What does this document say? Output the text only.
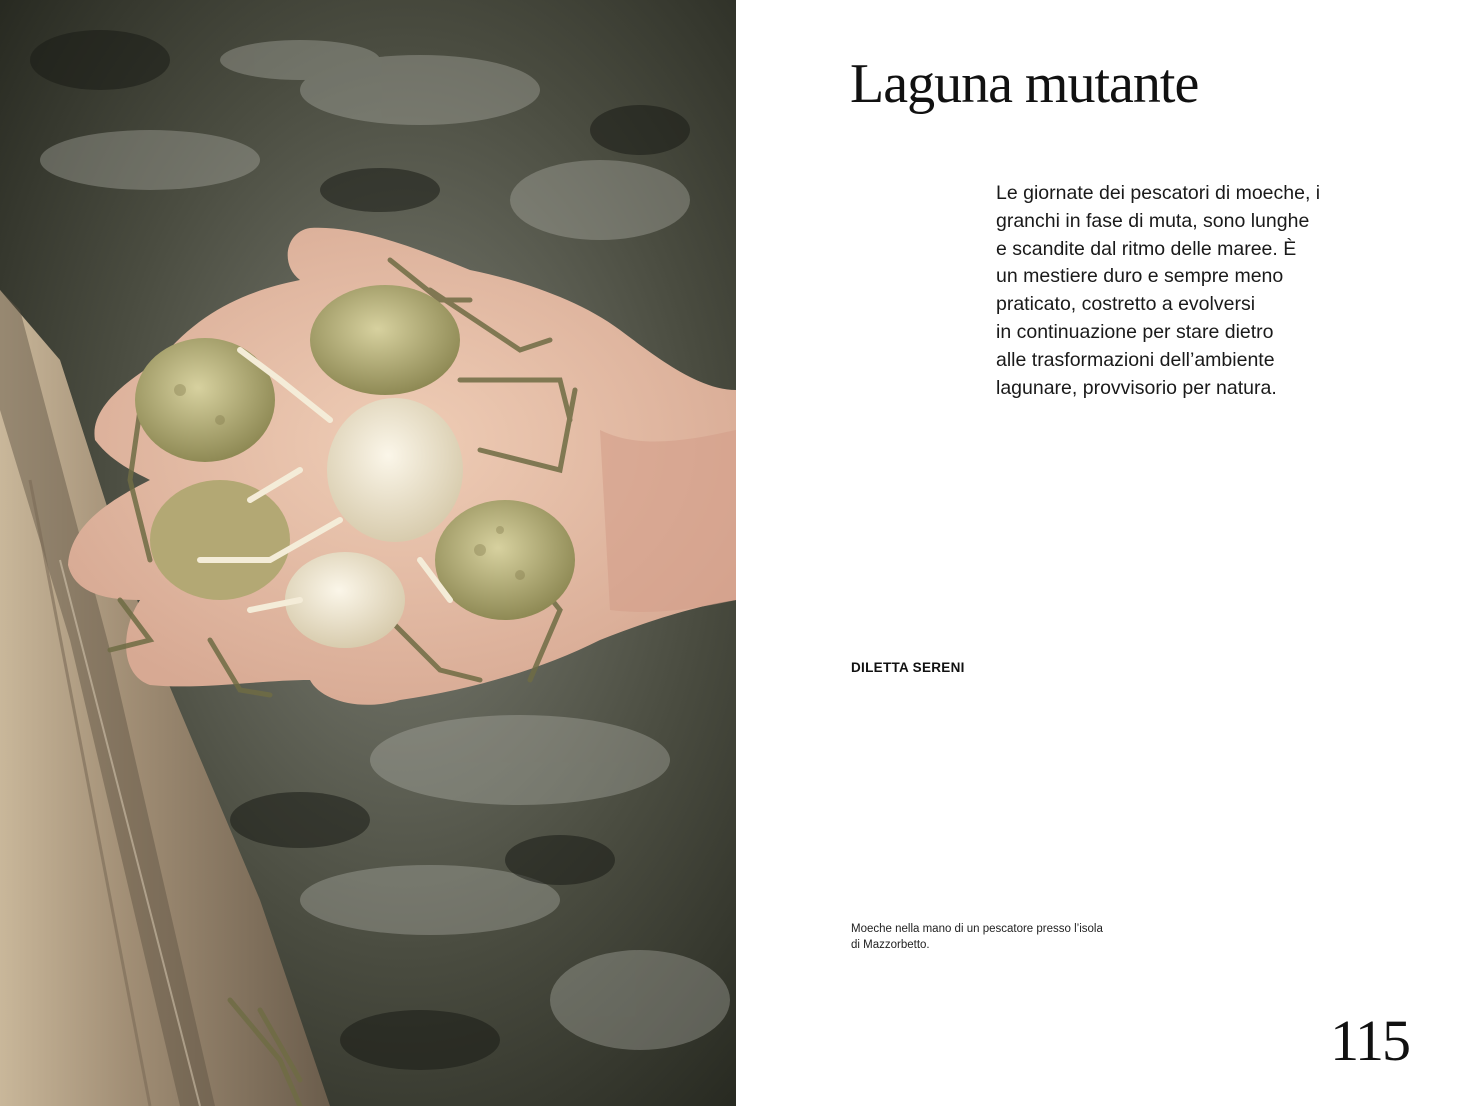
Laguna mutante

Le giornate dei pescatori di moeche, i
granchi in fase di muta, sono lunghe
e scandite dal ritmo delle maree. È
un mestiere duro e sempre meno
praticato, costretto a evolversi
in continuazione per stare dietro
alle trasformazioni dell’ambiente
lagunare, provvisorio per natura.

DILETTA SERENI

Moeche nella mano di un pescatore presso l’isola
di Mazzorbetto.

115
